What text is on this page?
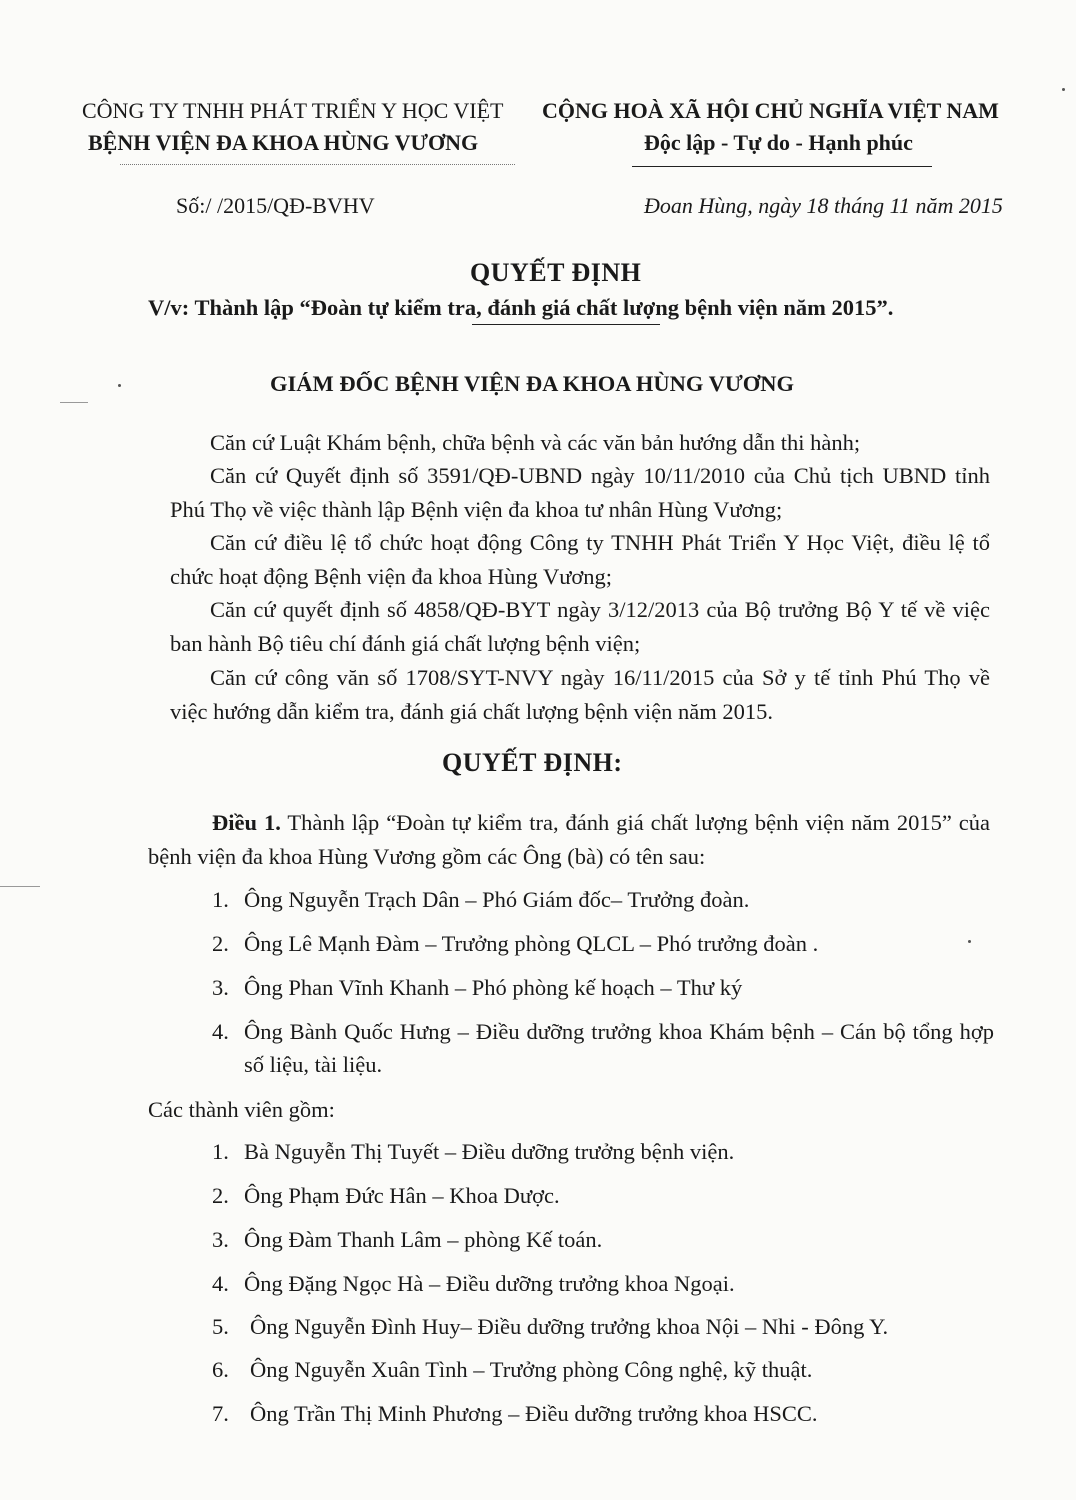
CÔNG TY TNHH PHÁT TRIỂN Y HỌC VIỆT
BỆNH VIỆN ĐA KHOA HÙNG VƯƠNG
CỘNG HOÀ XÃ HỘI CHỦ NGHĨA VIỆT NAM
Độc lập - Tự do - Hạnh phúc
Số:/ /2015/QĐ-BVHV	Đoan Hùng, ngày 18 tháng 11 năm 2015
QUYẾT ĐỊNH
V/v: Thành lập “Đoàn tự kiểm tra, đánh giá chất lượng bệnh viện năm 2015”.
GIÁM ĐỐC BỆNH VIỆN ĐA KHOA HÙNG VƯƠNG
Căn cứ Luật Khám bệnh, chữa bệnh và các văn bản hướng dẫn thi hành;
Căn cứ Quyết định số 3591/QĐ-UBND ngày 10/11/2010 của Chủ tịch UBND tỉnh Phú Thọ về việc thành lập Bệnh viện đa khoa tư nhân Hùng Vương;
Căn cứ điều lệ tổ chức hoạt động Công ty TNHH Phát Triển Y Học Việt, điều lệ tổ chức hoạt động Bệnh viện đa khoa Hùng Vương;
Căn cứ quyết định số 4858/QĐ-BYT ngày 3/12/2013 của Bộ trưởng Bộ Y tế về việc ban hành Bộ tiêu chí đánh giá chất lượng bệnh viện;
Căn cứ công văn số 1708/SYT-NVY ngày 16/11/2015 của Sở y tế tỉnh Phú Thọ về việc hướng dẫn kiểm tra, đánh giá chất lượng bệnh viện năm 2015.
QUYẾT ĐỊNH:
Điều 1. Thành lập “Đoàn tự kiểm tra, đánh giá chất lượng bệnh viện năm 2015” của bệnh viện đa khoa Hùng Vương gồm các Ông (bà) có tên sau:
1. Ông Nguyễn Trạch Dân – Phó Giám đốc– Trưởng đoàn.
2. Ông Lê Mạnh Đàm – Trưởng phòng QLCL – Phó trưởng đoàn .
3. Ông Phan Vĩnh Khanh – Phó phòng kế hoạch – Thư ký
4. Ông Bành Quốc Hưng – Điều dưỡng trưởng khoa Khám bệnh – Cán bộ tổng hợp số liệu, tài liệu.
Các thành viên gồm:
1. Bà Nguyễn Thị Tuyết – Điều dưỡng trưởng bệnh viện.
2. Ông Phạm Đức Hân – Khoa Dược.
3. Ông Đàm Thanh Lâm – phòng Kế toán.
4. Ông Đặng Ngọc Hà – Điều dưỡng trưởng khoa Ngoại.
5. Ông Nguyễn Đình Huy– Điều dưỡng trưởng khoa Nội – Nhi - Đông Y.
6. Ông Nguyễn Xuân Tình – Trưởng phòng Công nghệ, kỹ thuật.
7. Ông Trần Thị Minh Phương – Điều dưỡng trưởng khoa HSCC.
